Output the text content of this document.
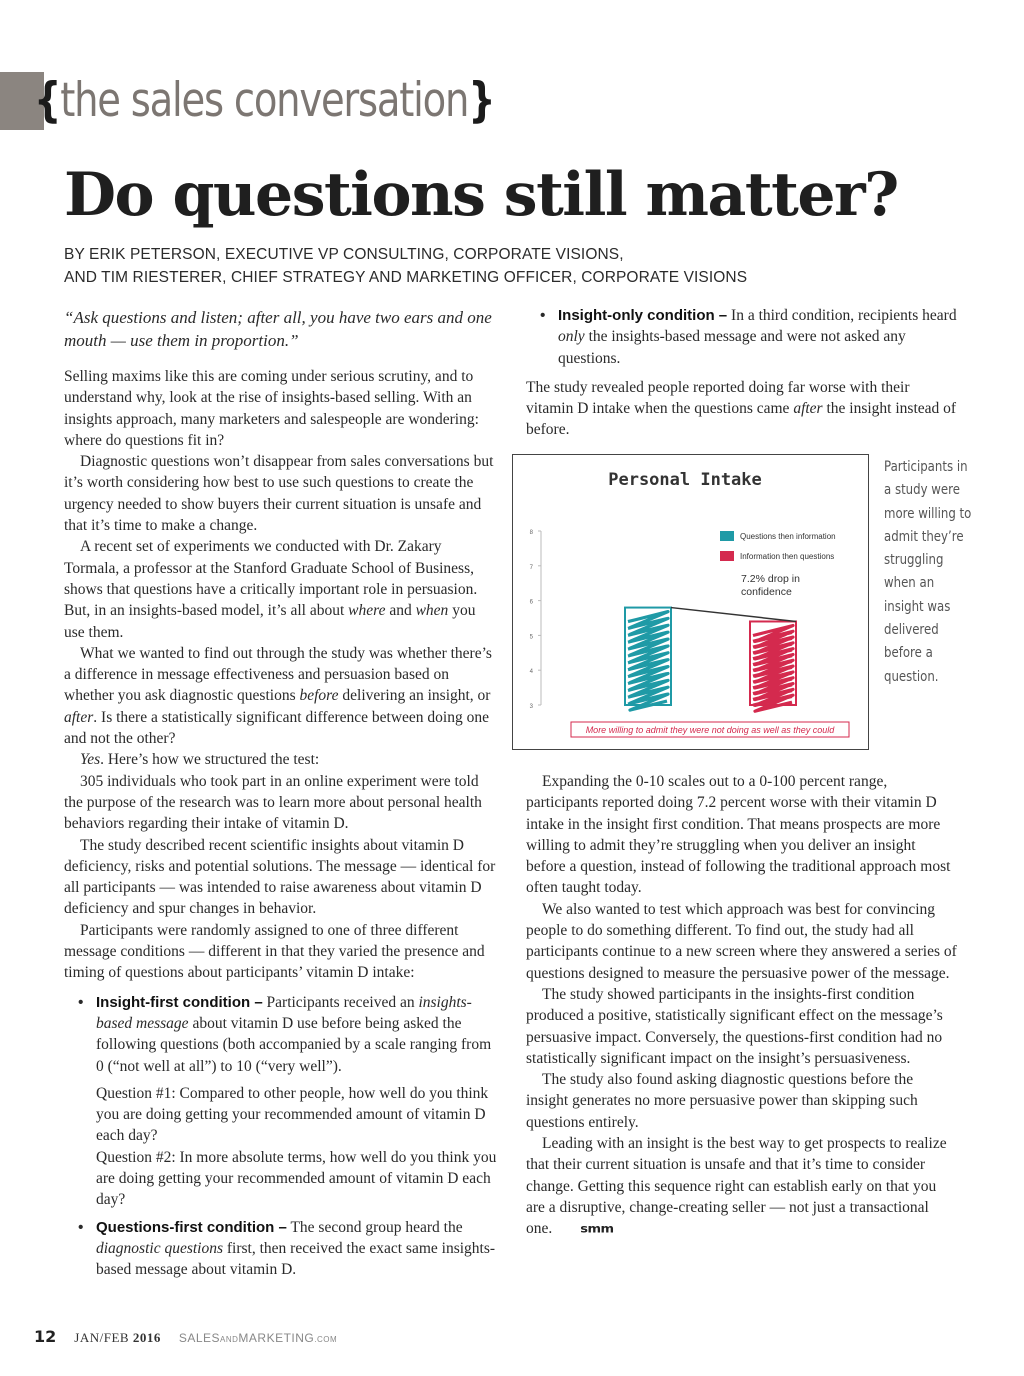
{the sales conversation}
Do questions still matter?
BY ERIK PETERSON, EXECUTIVE VP CONSULTING, CORPORATE VISIONS,
AND TIM RIESTERER, CHIEF STRATEGY AND MARKETING OFFICER, CORPORATE VISIONS

“Ask questions and listen; after all, you have two ears and one mouth — use them in proportion.”

Selling maxims like this are coming under serious scrutiny, and to understand why, look at the rise of insights-based selling. With an insights approach, many marketers and salespeople are wondering: where do questions fit in?

Diagnostic questions won’t disappear from sales conversations but it’s worth considering how best to use such questions to create the urgency needed to show buyers their current situation is unsafe and that it’s time to make a change.

A recent set of experiments we conducted with Dr. Zakary Tormala, a professor at the Stanford Graduate School of Business, shows that questions have a critically important role in persuasion. But, in an insights-based model, it’s all about where and when you use them.

What we wanted to find out through the study was whether there’s a difference in message effectiveness and persuasion based on whether you ask diagnostic questions before delivering an insight, or after. Is there a statistically significant difference between doing one and not the other?

Yes. Here’s how we structured the test:

305 individuals who took part in an online experiment were told the purpose of the research was to learn more about personal health behaviors regarding their intake of vitamin D.

The study described recent scientific insights about vitamin D deficiency, risks and potential solutions. The message — identical for all participants — was intended to raise awareness about vitamin D deficiency and spur changes in behavior.

Participants were randomly assigned to one of three different message conditions — different in that they varied the presence and timing of questions about participants’ vitamin D intake:

• Insight-first condition – Participants received an insights-based message about vitamin D use before being asked the following questions (both accompanied by a scale ranging from 0 (“not well at all”) to 10 (“very well”).

Question #1: Compared to other people, how well do you think you are doing getting your recommended amount of vitamin D each day?

Question #2: In more absolute terms, how well do you think you are doing getting your recommended amount of vitamin D each day?

• Questions-first condition – The second group heard the diagnostic questions first, then received the exact same insights-based message about vitamin D.
• Insight-only condition – In a third condition, recipients heard only the insights-based message and were not asked any questions.

The study revealed people reported doing far worse with their vitamin D intake when the questions came after the insight instead of before.

Personal Intake
3
4
5
6
7
8	Questions then information
Information then questions
7.2% drop in
confidence
More willing to admit they were not doing as well as they could
Participants in a study were more willing to admit they’re struggling when an insight was delivered before a question.

Expanding the 0-10 scales out to a 0-100 percent range, participants reported doing 7.2 percent worse with their vitamin D intake in the insight first condition. That means prospects are more willing to admit they’re struggling when you deliver an insight before a question, instead of following the traditional approach most often taught today.

We also wanted to test which approach was best for convincing people to do something different. To find out, the study had all participants continue to a new screen where they answered a series of questions designed to measure the persuasive power of the message.

The study showed participants in the insights-first condition produced a positive, statistically significant effect on the message’s persuasive impact. Conversely, the questions-first condition had no statistically significant impact on the insight’s persuasiveness.

The study also found asking diagnostic questions before the insight generates no more persuasive power than skipping such questions entirely.

Leading with an insight is the best way to get prospects to realize that their current situation is unsafe and that it’s time to consider change. Getting this sequence right can establish early on that you are a disruptive, change-creating seller — not just a transactional one. smm

12 JAN/FEB 2016 SALESANDMARKETING.COM
